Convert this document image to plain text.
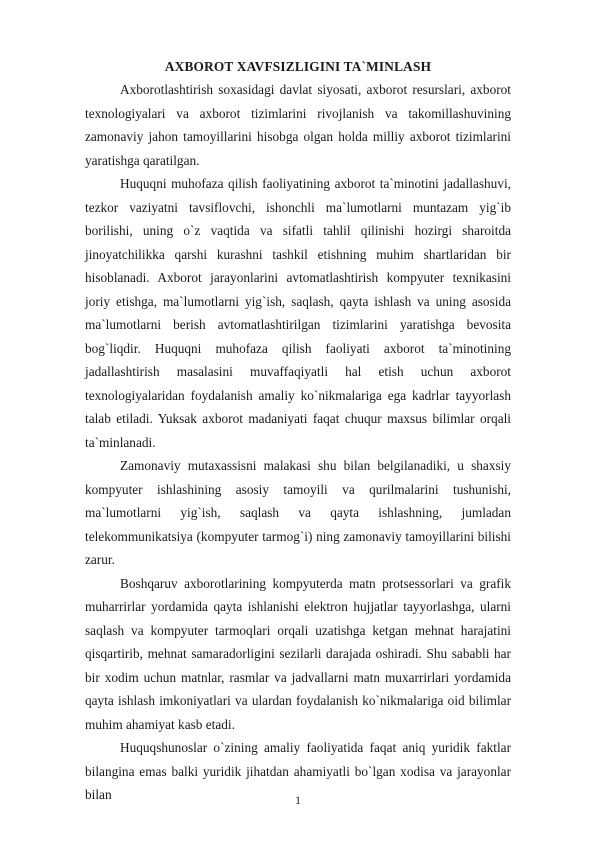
AXBOROT XAVFSIZLIGINI TA`MINLASH

Axborotlashtirish soxasidagi davlat siyosati, axborot resurslari, axborot texnologiyalari va axborot tizimlarini rivojlanish va takomillashuvining zamonaviy jahon tamoyillarini hisobga olgan holda milliy axborot tizimlarini yaratishga qaratilgan.

Huquqni muhofaza qilish faoliyatining axborot ta`minotini jadallashuvi, tezkor vaziyatni tavsiflovchi, ishonchli ma`lumotlarni muntazam yig`ib borilishi, uning o`z vaqtida va sifatli tahlil qilinishi hozirgi sharoitda jinoyatchilikka qarshi kurashni tashkil etishning muhim shartlaridan bir hisoblanadi. Axborot jarayonlarini avtomatlashtirish kompyuter texnikasini joriy etishga, ma`lumotlarni yig`ish, saqlash, qayta ishlash va uning asosida ma`lumotlarni berish avtomatlashtirilgan tizimlarini yaratishga bevosita bog`liqdir. Huquqni muhofaza qilish faoliyati axborot ta`minotining jadallashtirish masalasini muvaffaqiyatli hal etish uchun axborot texnologiyalaridan foydalanish amaliy ko`nikmalariga ega kadrlar tayyorlash talab etiladi. Yuksak axborot madaniyati faqat chuqur maxsus bilimlar orqali ta`minlanadi.

Zamonaviy mutaxassisni malakasi shu bilan belgilanadiki, u shaxsiy kompyuter ishlashining asosiy tamoyili va qurilmalarini tushunishi, ma`lumotlarni yig`ish, saqlash va qayta ishlashning, jumladan telekommunikatsiya (kompyuter tarmog`i) ning zamonaviy tamoyillarini bilishi zarur.

Boshqaruv axborotlarining kompyuterda matn protsessorlari va grafik muharrirlar yordamida qayta ishlanishi elektron hujjatlar tayyorlashga, ularni saqlash va kompyuter tarmoqlari orqali uzatishga ketgan mehnat harajatini qisqartirib, mehnat samaradorligini sezilarli darajada oshiradi. Shu sababli har bir xodim uchun matnlar, rasmlar va jadvallarni matn muxarrirlari yordamida qayta ishlash imkoniyatlari va ulardan foydalanish ko`nikmalariga oid bilimlar muhim ahamiyat kasb etadi.

Huquqshunoslar o`zining amaliy faoliyatida faqat aniq yuridik faktlar bilangina emas balki yuridik jihatdan ahamiyatli bo`lgan xodisa va jarayonlar bilan	1
